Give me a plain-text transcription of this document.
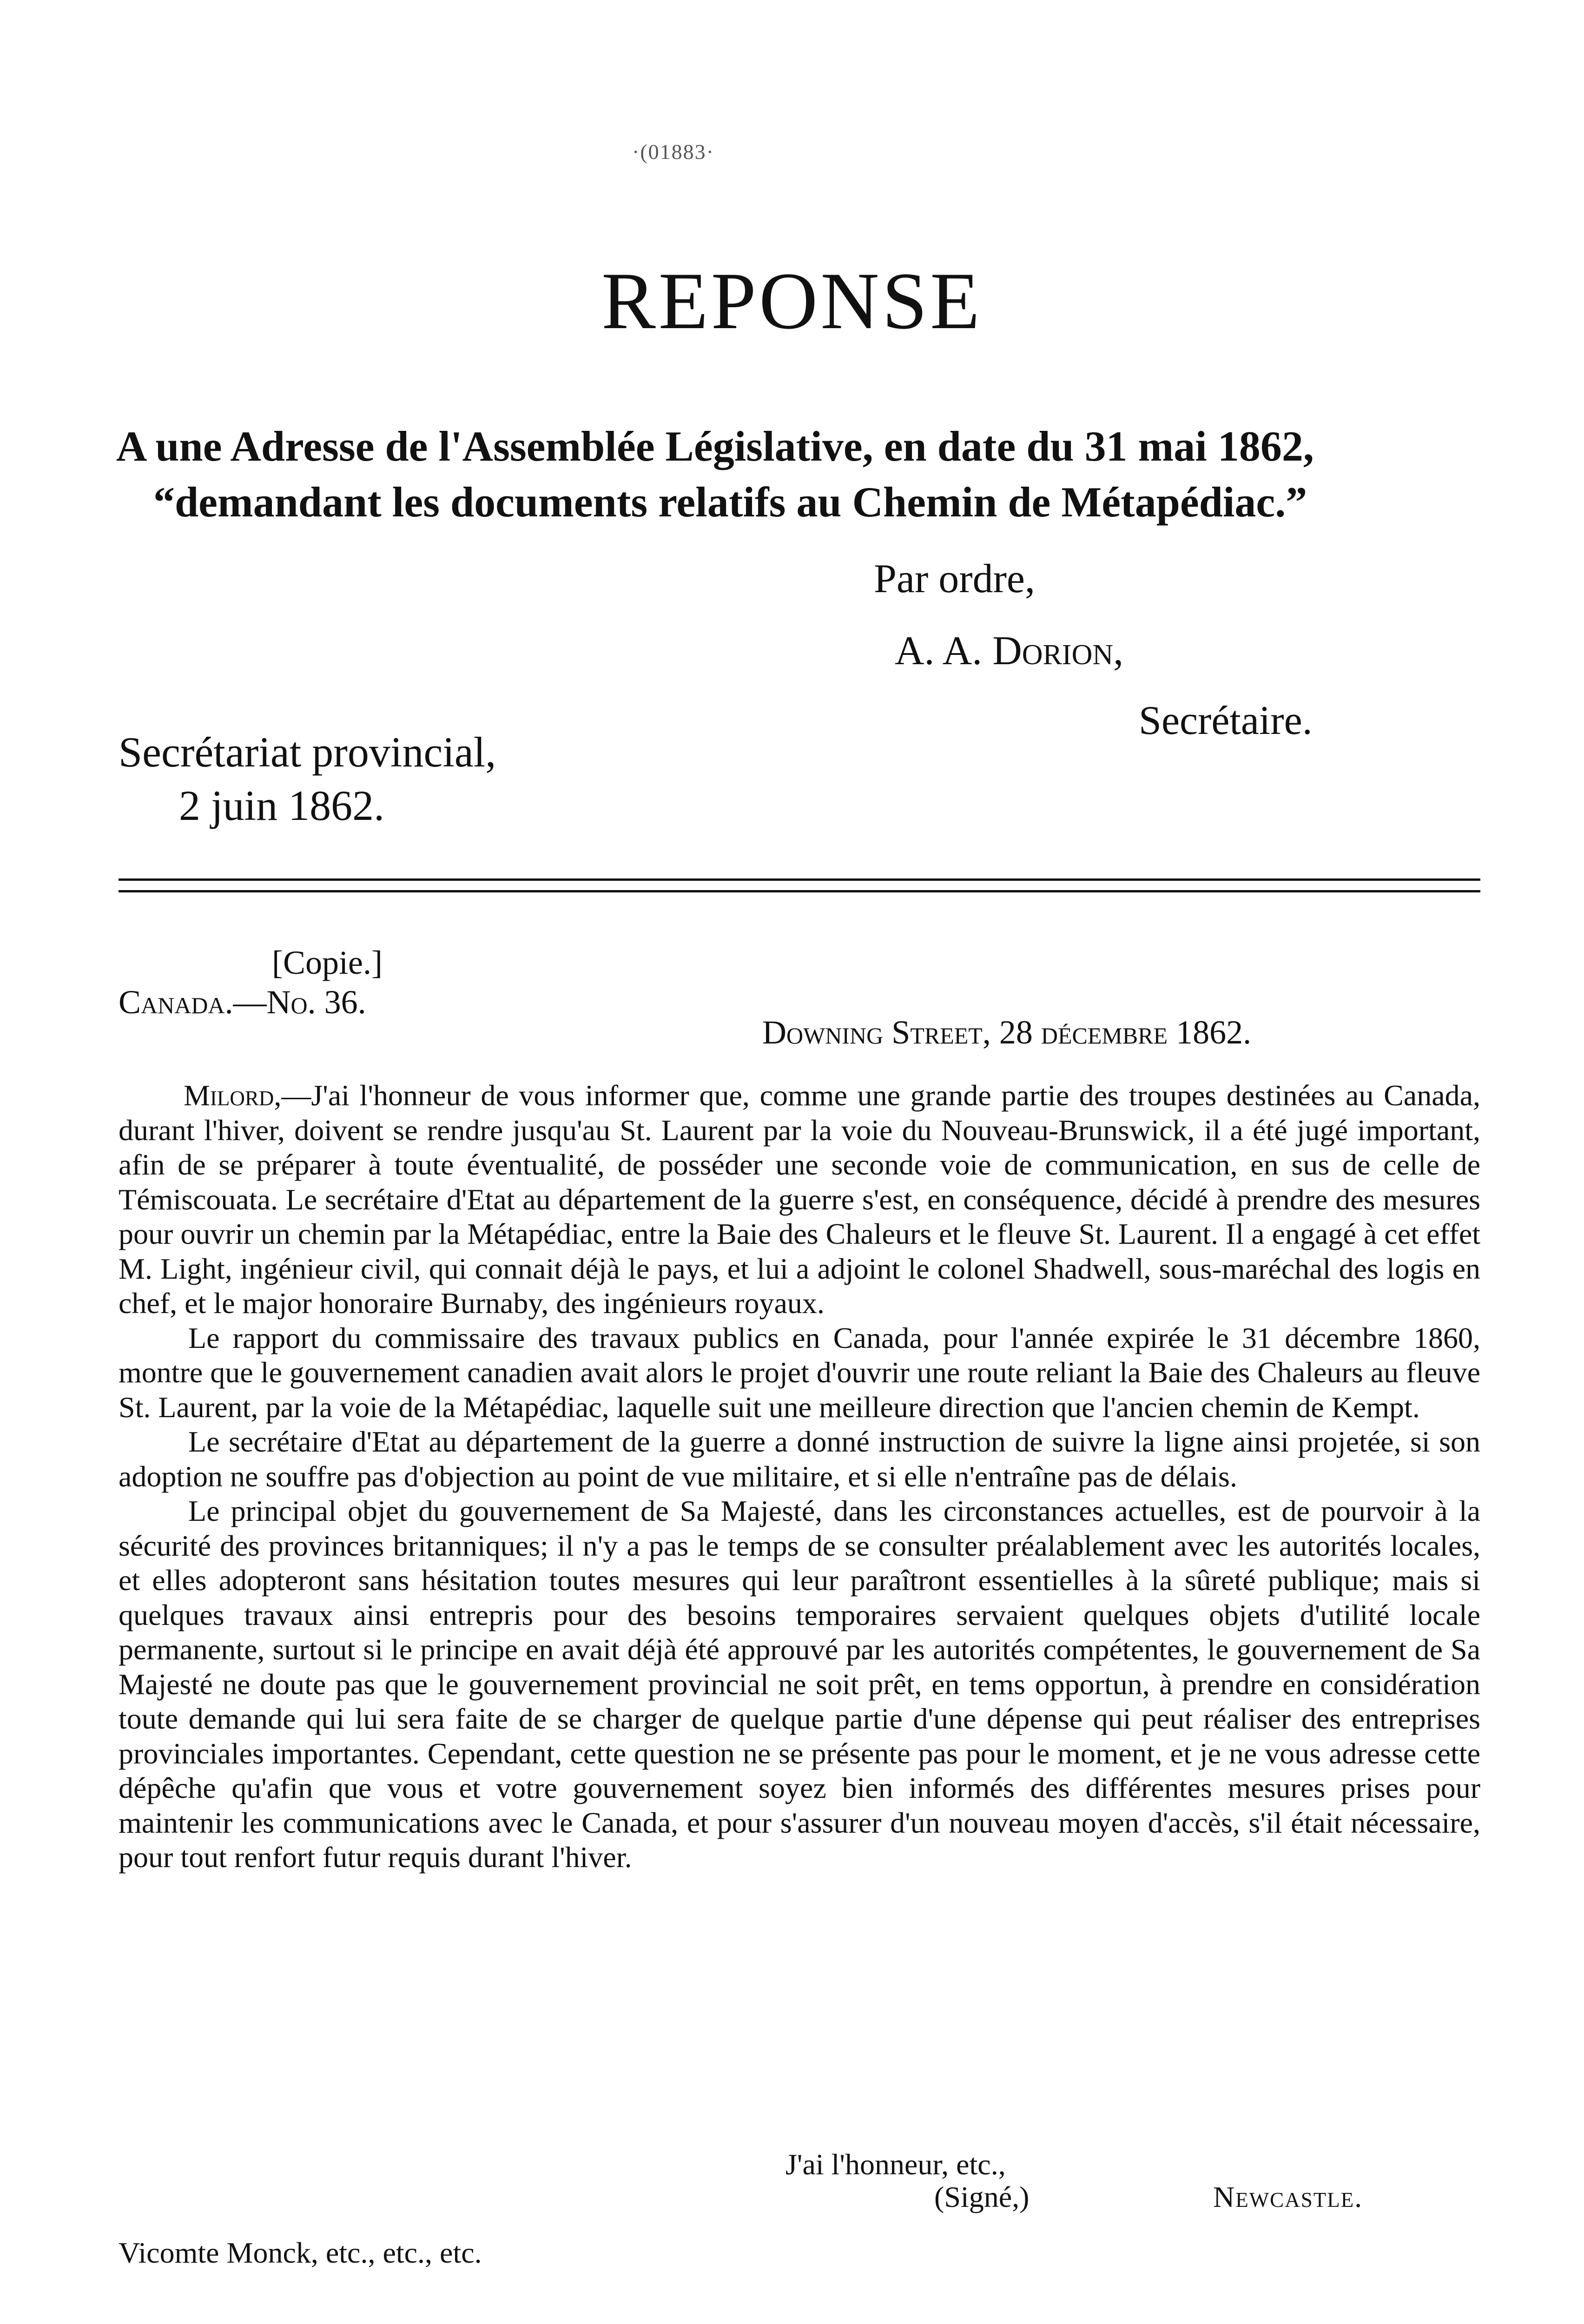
·(01883·
REPONSE
A une Adresse de l'Assemblée Législative, en date du 31 mai 1862, “demandant les documents relatifs au Chemin de Métapédiac.”
Par ordre,
A. A. Dorion,
Secrétaire.
Secrétariat provincial,
2 juin 1862.
[Copie.]
Canada.—No. 36.
Downing Street, 28 décembre 1862.

Milord,—J'ai l'honneur de vous informer que, comme une grande partie des troupes destinées au Canada, durant l'hiver, doivent se rendre jusqu'au St. Laurent par la voie du Nouveau-Brunswick, il a été jugé important, afin de se préparer à toute éventualité, de posséder une seconde voie de communication, en sus de celle de Témiscouata. Le secrétaire d'Etat au département de la guerre s'est, en conséquence, décidé à prendre des mesures pour ouvrir un chemin par la Métapédiac, entre la Baie des Chaleurs et le fleuve St. Laurent. Il a engagé à cet effet M. Light, ingénieur civil, qui connait déjà le pays, et lui a adjoint le colonel Shadwell, sous-maréchal des logis en chef, et le major honoraire Burnaby, des ingénieurs royaux.

Le rapport du commissaire des travaux publics en Canada, pour l'année expirée le 31 décembre 1860, montre que le gouvernement canadien avait alors le projet d'ouvrir une route reliant la Baie des Chaleurs au fleuve St. Laurent, par la voie de la Métapédiac, laquelle suit une meilleure direction que l'ancien chemin de Kempt.

Le secrétaire d'Etat au département de la guerre a donné instruction de suivre la ligne ainsi projetée, si son adoption ne souffre pas d'objection au point de vue militaire, et si elle n'entraîne pas de délais.

Le principal objet du gouvernement de Sa Majesté, dans les circonstances actuelles, est de pourvoir à la sécurité des provinces britanniques; il n'y a pas le temps de se consulter préalablement avec les autorités locales, et elles adopteront sans hésitation toutes mesures qui leur paraîtront essentielles à la sûreté publique; mais si quelques travaux ainsi entrepris pour des besoins temporaires servaient quelques objets d'utilité locale permanente, surtout si le principe en avait déjà été approuvé par les autorités compétentes, le gouvernement de Sa Majesté ne doute pas que le gouvernement provincial ne soit prêt, en tems opportun, à prendre en considération toute demande qui lui sera faite de se charger de quelque partie d'une dépense qui peut réaliser des entreprises provinciales importantes. Cependant, cette question ne se présente pas pour le moment, et je ne vous adresse cette dépêche qu'afin que vous et votre gouvernement soyez bien informés des différentes mesures prises pour maintenir les communications avec le Canada, et pour s'assurer d'un nouveau moyen d'accès, s'il était nécessaire, pour tout renfort futur requis durant l'hiver.

J'ai l'honneur, etc.,
(Signé,)	Newcastle.
Vicomte Monck, etc., etc., etc.
